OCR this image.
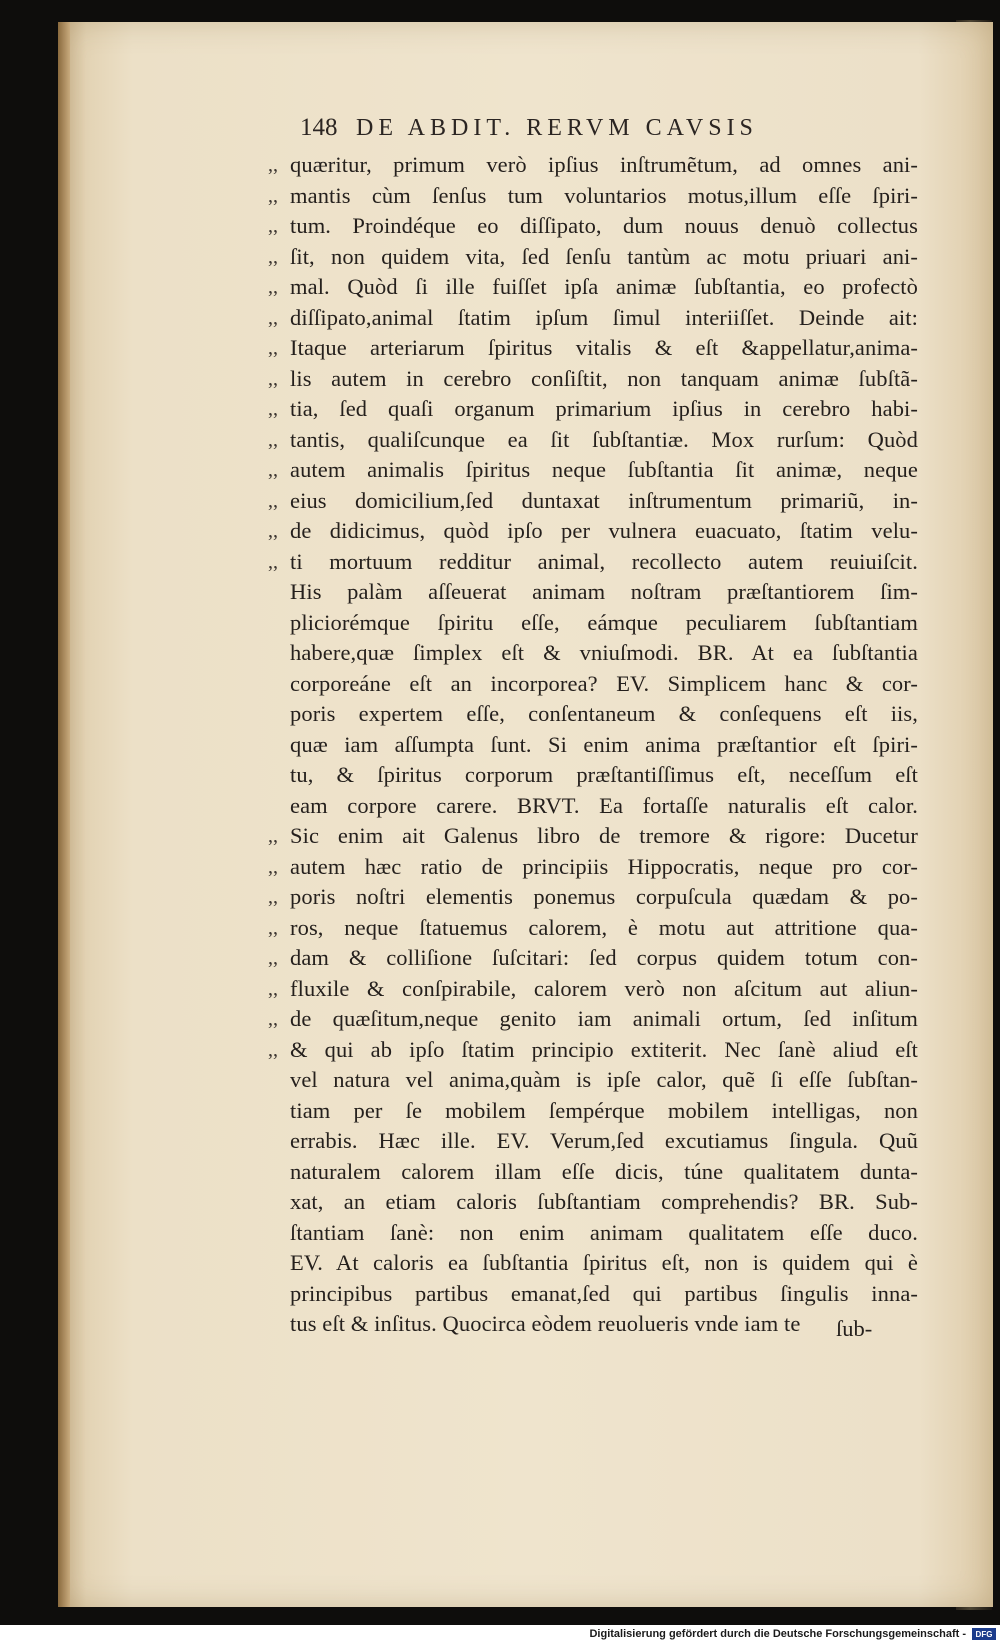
148 DE ABDIT. RERVM CAVSIS
,, quæritur, primum verò ipſius inſtrumẽtum, ad omnes ani-
,, mantis cùm ſenſus tum voluntarios motus,illum eſſe ſpiri-
,, tum. Proindéque eo diſſipato, dum nouus denuò collectus
,, ſit, non quidem vita, ſed ſenſu tantùm ac motu priuari ani-
,, mal. Quòd ſi ille fuiſſet ipſa animæ ſubſtantia, eo profectò
,, diſſipato,animal ſtatim ipſum ſimul interiiſſet. Deinde ait:
,, Itaque arteriarum ſpiritus vitalis & eſt &appellatur,anima-
,, lis autem in cerebro conſiſtit, non tanquam animæ ſubſtã-
,, tia, ſed quaſi organum primarium ipſius in cerebro habi-
,, tantis, qualiſcunque ea ſit ſubſtantiæ. Mox rurſum: Quòd
,, autem animalis ſpiritus neque ſubſtantia ſit animæ, neque
,, eius domicilium,ſed duntaxat inſtrumentum primariũ, in-
,, de didicimus, quòd ipſo per vulnera euacuato, ſtatim velu-
,, ti mortuum redditur animal, recollecto autem reuiuiſcit.
His palàm aſſeuerat animam noſtram præſtantiorem ſim-
pliciorémque ſpiritu eſſe, eámque peculiarem ſubſtantiam
habere,quæ ſimplex eſt & vniuſmodi. BR. At ea ſubſtantia
corporeáne eſt an incorporea? EV. Simplicem hanc & cor-
poris expertem eſſe, conſentaneum & conſequens eſt iis,
quæ iam aſſumpta ſunt. Si enim anima præſtantior eſt ſpiri-
tu, & ſpiritus corporum præſtantiſſimus eſt, neceſſum eſt
eam corpore carere. BRVT. Ea fortaſſe naturalis eſt calor.
,, Sic enim ait Galenus libro de tremore & rigore: Ducetur
,, autem hæc ratio de principiis Hippocratis, neque pro cor-
,, poris noſtri elementis ponemus corpuſcula quædam & po-
,, ros, neque ſtatuemus calorem, è motu aut attritione qua-
,, dam & colliſione ſuſcitari: ſed corpus quidem totum con-
,, fluxile & conſpirabile, calorem verò non aſcitum aut aliun-
,, de quæſitum,neque genito iam animali ortum, ſed inſitum
,, & qui ab ipſo ſtatim principio extiterit. Nec ſanè aliud eſt
vel natura vel anima,quàm is ipſe calor, quẽ ſi eſſe ſubſtan-
tiam per ſe mobilem ſempérque mobilem intelligas, non
errabis. Hæc ille. EV. Verum,ſed excutiamus ſingula. Quũ
naturalem calorem illam eſſe dicis, túne qualitatem dunta-
xat, an etiam caloris ſubſtantiam comprehendis? BR. Sub-
ſtantiam ſanè: non enim animam qualitatem eſſe duco.
EV. At caloris ea ſubſtantia ſpiritus eſt, non is quidem qui è
principibus partibus emanat,ſed qui partibus ſingulis inna-
tus eſt & inſitus. Quocirca eòdem reuolueris vnde iam te	ſub-
Digitalisierung gefördert durch die Deutsche Forschungsgemeinschaft -	DFG
